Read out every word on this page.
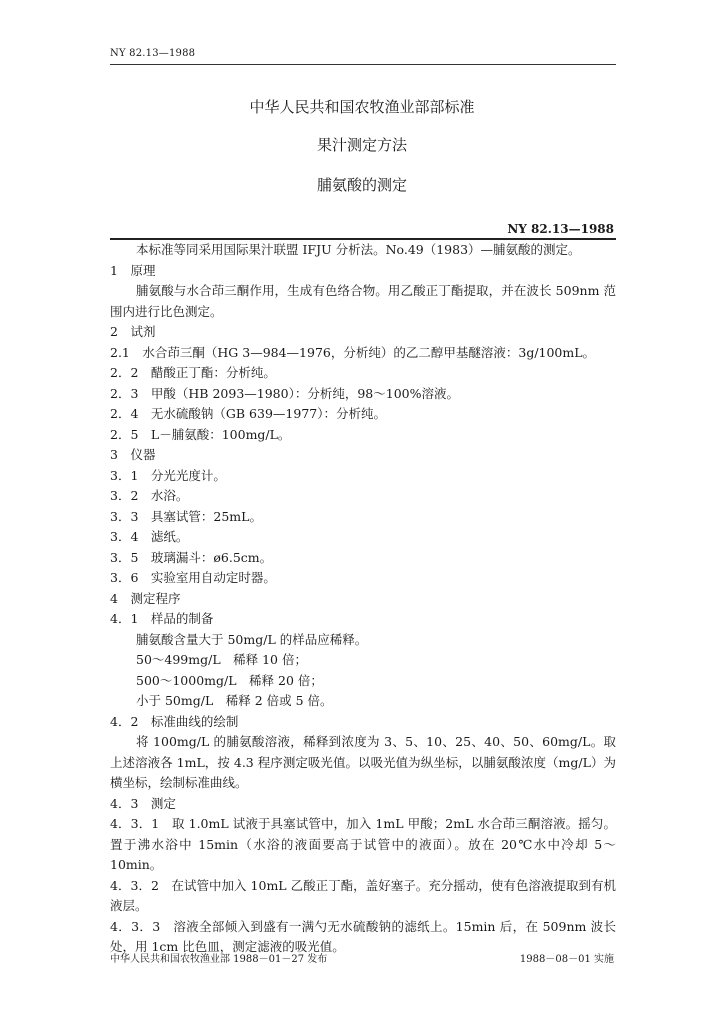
NY 82.13—1988
中华人民共和国农牧渔业部部标准
果汁测定方法
脯氨酸的测定
NY 82.13—1988

本标准等同采用国际果汁联盟 IFJU 分析法。No.49（1983）—脯氨酸的测定。

1　原理

脯氨酸与水合茚三酮作用，生成有色络合物。用乙酸正丁酯提取，并在波长 509nm 范围内进行比色测定。

2　试剂

2.1　水合茚三酮（HG 3—984—1976，分析纯）的乙二醇甲基醚溶液：3g/100mL。

2．2　醋酸正丁酯：分析纯。

2．3　甲酸（HB 2093—1980）：分析纯，98～100%溶液。

2．4　无水硫酸钠（GB 639—1977）：分析纯。

2．5　L－脯氨酸：100mg/L。

3　仪器

3．1　分光光度计。

3．2　水浴。

3．3　具塞试管：25mL。

3．4　滤纸。

3．5　玻璃漏斗：ø6.5cm。

3．6　实验室用自动定时器。

4　测定程序

4．1　样品的制备

脯氨酸含量大于 50mg/L 的样品应稀释。

50～499mg/L　稀释 10 倍；

500～1000mg/L　稀释 20 倍；

小于 50mg/L　稀释 2 倍或 5 倍。

4．2　标准曲线的绘制

将 100mg/L 的脯氨酸溶液，稀释到浓度为 3、5、10、25、40、50、60mg/L。取上述溶液各 1mL，按 4.3 程序测定吸光值。以吸光值为纵坐标，以脯氨酸浓度（mg/L）为横坐标，绘制标准曲线。

4．3　测定

4．3．1　取 1.0mL 试液于具塞试管中，加入 1mL 甲酸；2mL 水合茚三酮溶液。摇匀。置于沸水浴中 15min（水浴的液面要高于试管中的液面）。放在 20℃水中冷却 5～10min。

4．3．2　在试管中加入 10mL 乙酸正丁酯，盖好塞子。充分摇动，使有色溶液提取到有机液层。

4．3．3　溶液全部倾入到盛有一满勺无水硫酸钠的滤纸上。15min 后，在 509nm 波长处，用 1cm 比色皿，测定滤液的吸光值。

中华人民共和国农牧渔业部 1988－01－27 发布	1988－08－01 实施
